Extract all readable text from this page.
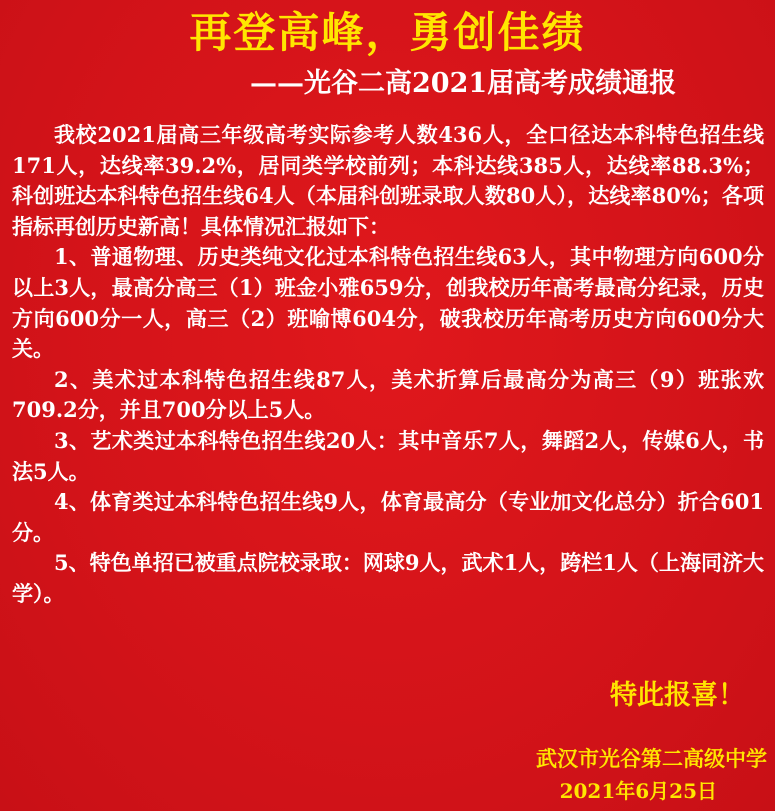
再登高峰，勇创佳绩
——光谷二高2021届高考成绩通报

我校2021届高三年级高考实际参考人数436人，全口径达本科特色招生线171人，达线率39.2%，居同类学校前列；本科达线385人，达线率88.3%；科创班达本科特色招生线64人（本届科创班录取人数80人），达线率80%；各项指标再创历史新高！具体情况汇报如下：

1、普通物理、历史类纯文化过本科特色招生线63人，其中物理方向600分以上3人，最高分高三（1）班金小雅659分，创我校历年高考最高分纪录，历史方向600分一人，高三（2）班喻博604分，破我校历年高考历史方向600分大关。

2、美术过本科特色招生线87人，美术折算后最高分为高三（9）班张欢709.2分，并且700分以上5人。

3、艺术类过本科特色招生线20人：其中音乐7人，舞蹈2人，传媒6人，书法5人。

4、体育类过本科特色招生线9人，体育最高分（专业加文化总分）折合601分。

5、特色单招已被重点院校录取：网球9人，武术1人，跨栏1人（上海同济大学）。

特此报喜！
武汉市光谷第二高级中学
2021年6月25日
